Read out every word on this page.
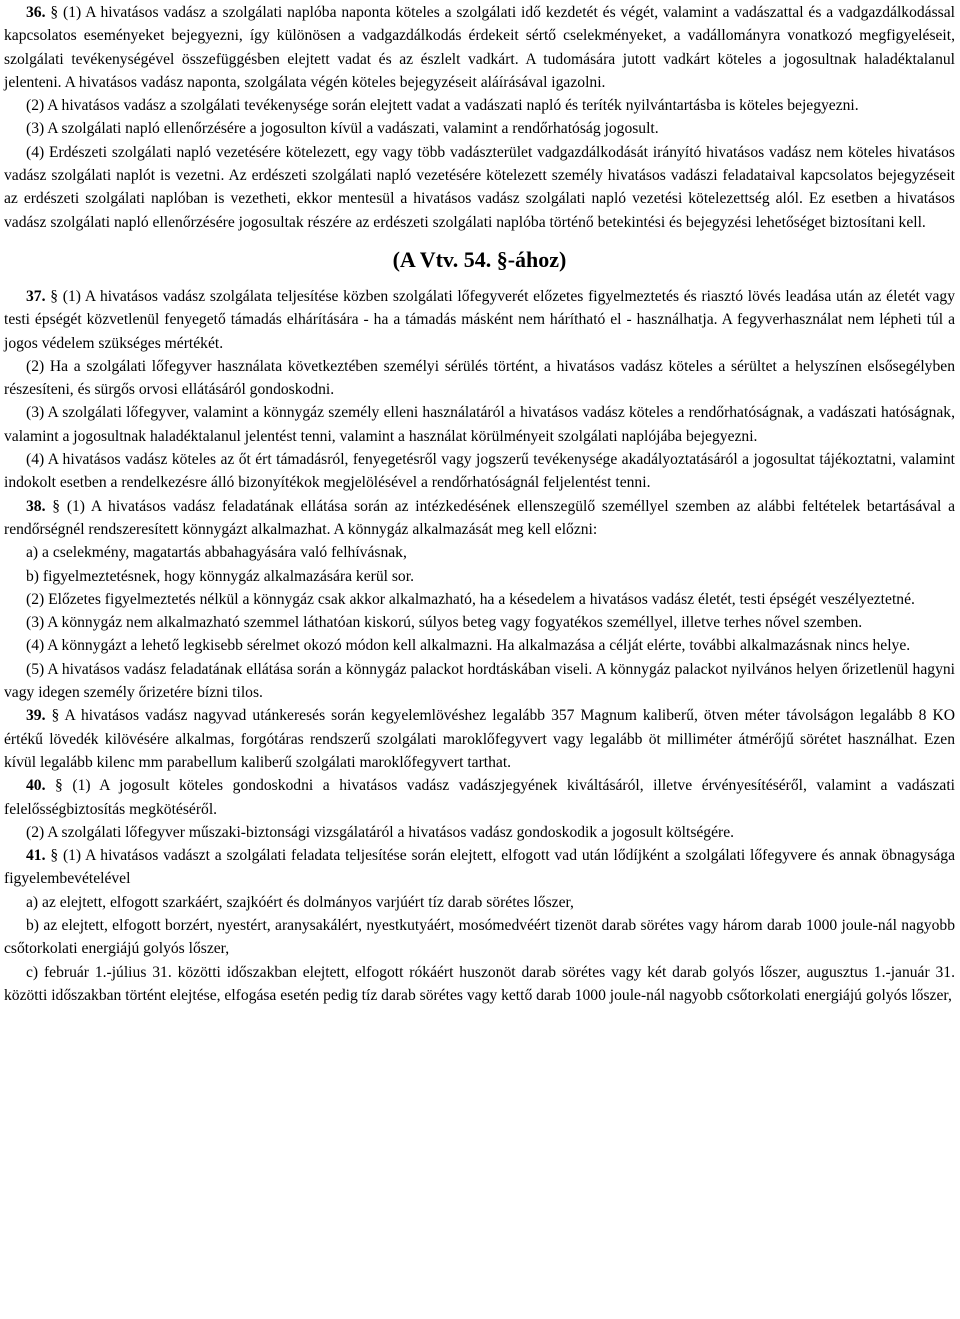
36. § (1) A hivatásos vadász a szolgálati naplóba naponta köteles a szolgálati idő kezdetét és végét, valamint a vadászattal és a vadgazdálkodással kapcsolatos eseményeket bejegyezni, így különösen a vadgazdálkodás érdekeit sértő cselekményeket, a vadállományra vonatkozó megfigyeléseit, szolgálati tevékenységével összefüggésben elejtett vadat és az észlelt vadkárt. A tudomására jutott vadkárt köteles a jogosultnak haladéktalanul jelenteni. A hivatásos vadász naponta, szolgálata végén köteles bejegyzéseit aláírásával igazolni.

(2) A hivatásos vadász a szolgálati tevékenysége során elejtett vadat a vadászati napló és teríték nyilvántartásba is köteles bejegyezni.

(3) A szolgálati napló ellenőrzésére a jogosulton kívül a vadászati, valamint a rendőrhatóság jogosult.

(4) Erdészeti szolgálati napló vezetésére kötelezett, egy vagy több vadászterület vadgazdálkodását irányító hivatásos vadász nem köteles hivatásos vadász szolgálati naplót is vezetni. Az erdészeti szolgálati napló vezetésére kötelezett személy hivatásos vadászi feladataival kapcsolatos bejegyzéseit az erdészeti szolgálati naplóban is vezetheti, ekkor mentesül a hivatásos vadász szolgálati napló vezetési kötelezettség alól. Ez esetben a hivatásos vadász szolgálati napló ellenőrzésére jogosultak részére az erdészeti szolgálati naplóba történő betekintési és bejegyzési lehetőséget biztosítani kell.

(A Vtv. 54. §-ához)

37. § (1) A hivatásos vadász szolgálata teljesítése közben szolgálati lőfegyverét előzetes figyelmeztetés és riasztó lövés leadása után az életét vagy testi épségét közvetlenül fenyegető támadás elhárítására - ha a támadás másként nem hárítható el - használhatja. A fegyverhasználat nem lépheti túl a jogos védelem szükséges mértékét.

(2) Ha a szolgálati lőfegyver használata következtében személyi sérülés történt, a hivatásos vadász köteles a sérültet a helyszínen elsősegélyben részesíteni, és sürgős orvosi ellátásáról gondoskodni.

(3) A szolgálati lőfegyver, valamint a könnygáz személy elleni használatáról a hivatásos vadász köteles a rendőrhatóságnak, a vadászati hatóságnak, valamint a jogosultnak haladéktalanul jelentést tenni, valamint a használat körülményeit szolgálati naplójába bejegyezni.

(4) A hivatásos vadász köteles az őt ért támadásról, fenyegetésről vagy jogszerű tevékenysége akadályoztatásáról a jogosultat tájékoztatni, valamint indokolt esetben a rendelkezésre álló bizonyítékok megjelölésével a rendőrhatóságnál feljelentést tenni.

38. § (1) A hivatásos vadász feladatának ellátása során az intézkedésének ellenszegülő személlyel szemben az alábbi feltételek betartásával a rendőrségnél rendszeresített könnygázt alkalmazhat. A könnygáz alkalmazását meg kell előzni:

a) a cselekmény, magatartás abbahagyására való felhívásnak,

b) figyelmeztetésnek, hogy könnygáz alkalmazására kerül sor.

(2) Előzetes figyelmeztetés nélkül a könnygáz csak akkor alkalmazható, ha a késedelem a hivatásos vadász életét, testi épségét veszélyeztetné.

(3) A könnygáz nem alkalmazható szemmel láthatóan kiskorú, súlyos beteg vagy fogyatékos személlyel, illetve terhes nővel szemben.

(4) A könnygázt a lehető legkisebb sérelmet okozó módon kell alkalmazni. Ha alkalmazása a célját elérte, további alkalmazásnak nincs helye.

(5) A hivatásos vadász feladatának ellátása során a könnygáz palackot hordtáskában viseli. A könnygáz palackot nyilvános helyen őrizetlenül hagyni vagy idegen személy őrizetére bízni tilos.

39. § A hivatásos vadász nagyvad utánkeresés során kegyelemlövéshez legalább 357 Magnum kaliberű, ötven méter távolságon legalább 8 KO értékű lövedék kilövésére alkalmas, forgótáras rendszerű szolgálati maroklőfegyvert vagy legalább öt milliméter átmérőjű sörétet használhat. Ezen kívül legalább kilenc mm parabellum kaliberű szolgálati maroklőfegyvert tarthat.

40. § (1) A jogosult köteles gondoskodni a hivatásos vadász vadászjegyének kiváltásáról, illetve érvényesítéséről, valamint a vadászati felelősségbiztosítás megkötéséről.

(2) A szolgálati lőfegyver műszaki-biztonsági vizsgálatáról a hivatásos vadász gondoskodik a jogosult költségére.

41. § (1) A hivatásos vadászt a szolgálati feladata teljesítése során elejtett, elfogott vad után lődíjként a szolgálati lőfegyvere és annak öbnagysága figyelembevételével

a) az elejtett, elfogott szarkáért, szajkóért és dolmányos varjúért tíz darab sörétes lőszer,

b) az elejtett, elfogott borzért, nyestért, aranysakálért, nyestkutyáért, mosómedvéért tizenöt darab sörétes vagy három darab 1000 joule-nál nagyobb csőtorkolati energiájú golyós lőszer,

c) február 1.-július 31. közötti időszakban elejtett, elfogott rókáért huszonöt darab sörétes vagy két darab golyós lőszer, augusztus 1.-január 31. közötti időszakban történt elejtése, elfogása esetén pedig tíz darab sörétes vagy kettő darab 1000 joule-nál nagyobb csőtorkolati energiájú golyós lőszer,
